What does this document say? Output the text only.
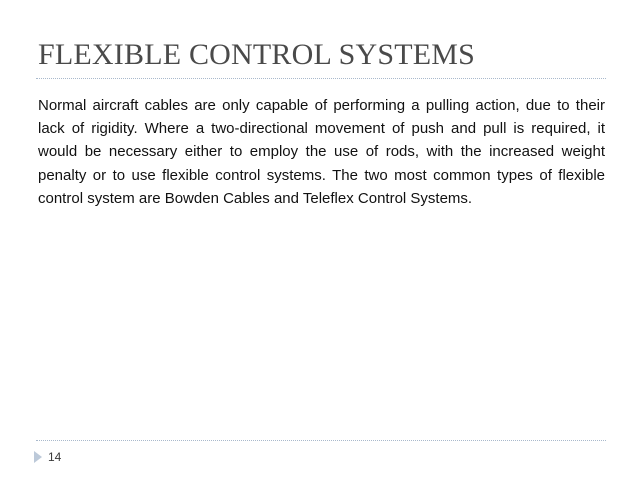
FLEXIBLE CONTROL SYSTEMS

Normal aircraft cables are only capable of performing a pulling action, due to their lack of rigidity. Where a two-directional movement of push and pull is required, it would be necessary either to employ the use of rods, with the increased weight penalty or to use flexible control systems. The two most common types of flexible control system are Bowden Cables and Teleflex Control Systems.

14
